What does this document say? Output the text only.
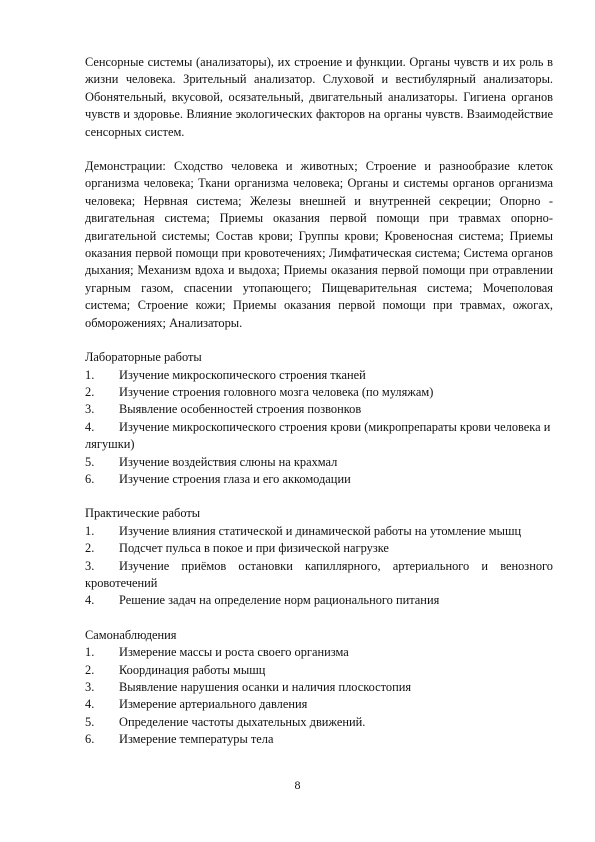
Сенсорные системы (анализаторы), их строение и функции. Органы чувств и их роль в жизни человека. Зрительный анализатор. Слуховой и вестибулярный анализаторы. Обонятельный, вкусовой, осязательный, двигательный анализаторы. Гигиена органов чувств и здоровье. Влияние экологических факторов на органы чувств. Взаимодействие сенсорных систем.

Демонстрации: Сходство человека и животных; Строение и разнообразие клеток организма человека; Ткани организма человека; Органы и системы органов организма человека; Нервная система; Железы внешней и внутренней секреции; Опорно - двигательная система; Приемы оказания первой помощи при травмах опорно- двигательной системы; Состав крови; Группы крови; Кровеносная система; Приемы оказания первой помощи при кровотечениях; Лимфатическая система; Система органов дыхания; Механизм вдоха и выдоха; Приемы оказания первой помощи при отравлении угарным газом, спасении утопающего; Пищеварительная система; Мочеполовая система; Строение кожи; Приемы оказания первой помощи при травмах, ожогах, обморожениях; Анализаторы.

Лабораторные работы

1. Изучение микроскопического строения тканей
2. Изучение строения головного мозга человека (по муляжам)
3. Выявление особенностей строения позвонков
4. Изучение микроскопического строения крови (микропрепараты крови человека и лягушки)
5. Изучение воздействия слюны на крахмал
6. Изучение строения глаза и его аккомодации

Практические работы

1. Изучение влияния статической и динамической работы на утомление мышц
2. Подсчет пульса в покое и при физической нагрузке
3. Изучение приёмов остановки капиллярного, артериального и венозного кровотечений
4. Решение задач на определение норм рационального питания

Самонаблюдения

1. Измерение массы и роста своего организма
2. Координация работы мышц
3. Выявление нарушения осанки и наличия плоскостопия
4. Измерение артериального давления
5. Определение частоты дыхательных движений.
6. Измерение температуры тела
8
